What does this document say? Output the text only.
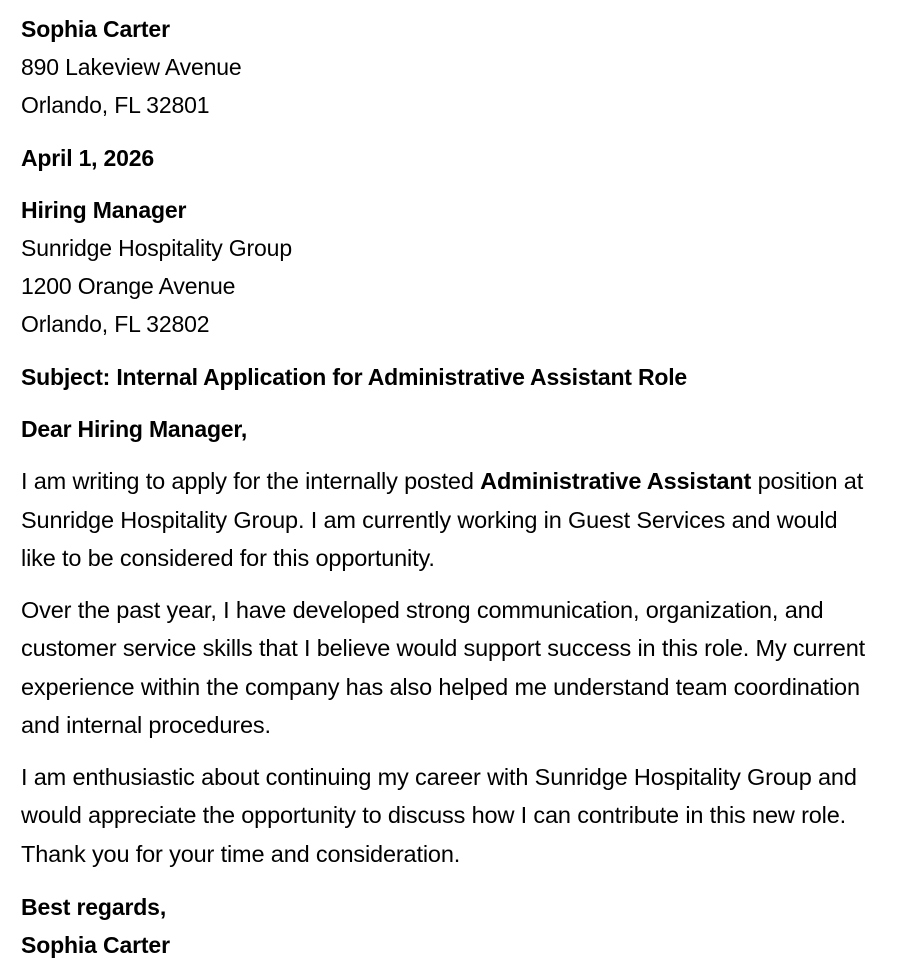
Sophia Carter
890 Lakeview Avenue
Orlando, FL 32801
April 1, 2026
Hiring Manager
Sunridge Hospitality Group
1200 Orange Avenue
Orlando, FL 32802
Subject: Internal Application for Administrative Assistant Role
Dear Hiring Manager,

I am writing to apply for the internally posted Administrative Assistant position at Sunridge Hospitality Group. I am currently working in Guest Services and would like to be considered for this opportunity.

Over the past year, I have developed strong communication, organization, and customer service skills that I believe would support success in this role. My current experience within the company has also helped me understand team coordination and internal procedures.

I am enthusiastic about continuing my career with Sunridge Hospitality Group and would appreciate the opportunity to discuss how I can contribute in this new role. Thank you for your time and consideration.

Best regards,
Sophia Carter
